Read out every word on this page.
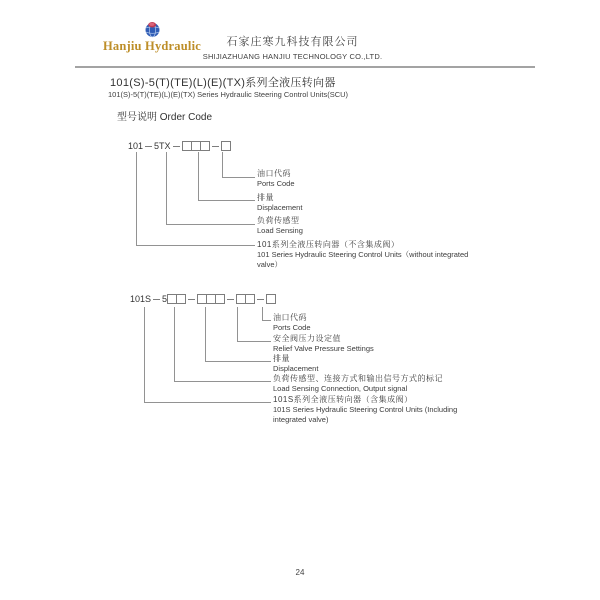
Hanjiu Hydraulic	石家庄寒九科技有限公司
SHIJIAZHUANG HANJIU TECHNOLOGY CO.,LTD.
101(S)-5(T)(TE)(L)(E)(TX)系列全液压转向器
101(S)-5(T)(TE)(L)(E)(TX) Series Hydraulic Steering Control Units(SCU)
型号说明 Order Code
101 5TX
油口代码
Ports Code
排量
Displacement
负荷传感型
Load Sensing
101系列全液压转向器（不含集成阀）
101 Series Hydraulic Steering Control Units（without integrated valve）
101S 5
油口代码
Ports Code
安全阀压力设定值
Relief Valve Pressure Settings
排量
Displacement
负荷传感型、连接方式和输出信号方式的标记
Load Sensing Connection, Output signal
101S系列全液压转向器（含集成阀）
101S Series Hydraulic Steering Control Units (Including integrated valve)
24
